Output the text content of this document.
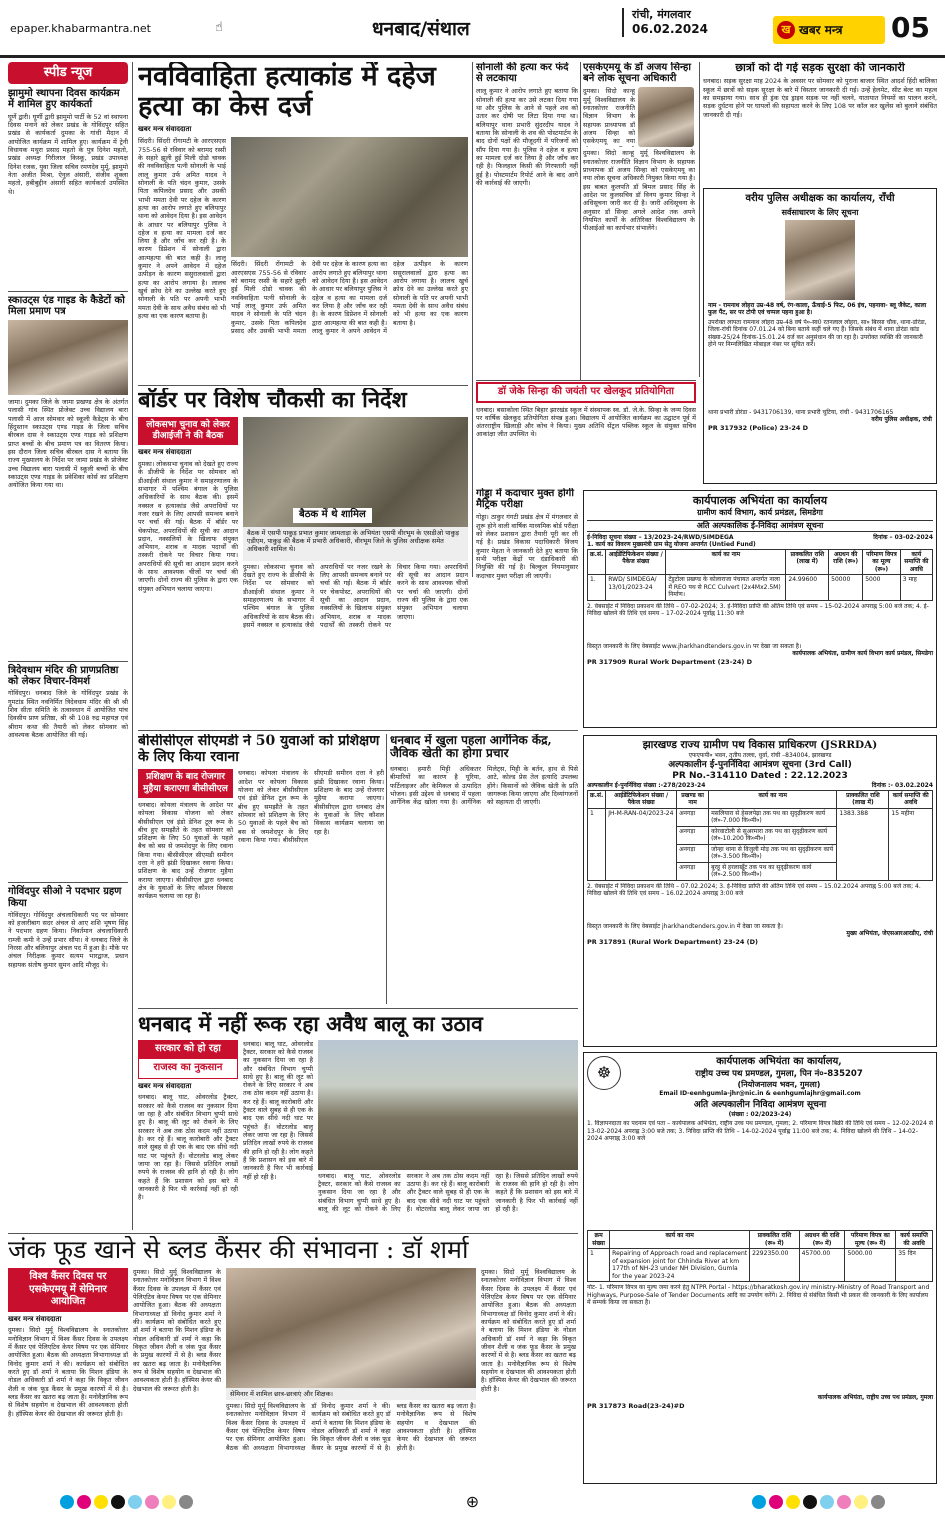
epaper.khabarmantra.net	☝	धनबाद/संथाल
रांची, मंगलवार
06.02.2024	ख खबर मन्त्र 05
स्पीड न्यूज
झामुमो स्थापना दिवस कार्यक्रम में शामिल हुए कार्यकर्ता
घूर्णे द्वारी। घूर्णी द्वारी झामुमो पार्टी के 52 वां स्थापना दिवस मनाने को लेकर प्रखंड के गोविंदपुर सहित प्रखंड से कार्यकर्ता दुमका के गांधी मैदान में आयोजित कार्यक्रम में शामिल हुए। कार्यक्रम में ट्रेनी विधायक मथुरा प्रसाद महतो के पुत्र दिनेश महतो, प्रखंड अध्यक्ष गिरीलाल किस्कू, प्रखंड उपाध्यक्ष दिनेश रजक, युवा जिला सचिव रमणदेव मुर्मू, झामुमो नेता अजीत मिश्रा, ऐनुल अंसारी, संजीव शुक्ला महतो, हबीबुद्दीन अंसारी सहित कार्यकर्ता उपस्थित थे।
स्काउट्स एंड गाइड के कैडेटों को मिला प्रमाण पत्र
जामा। दुमका जिले के जामा प्रखण्ड क्षेत्र के अंतर्गत पलासी गांव स्थित प्रोजेक्ट उच्च विद्यालय बारा पलासी में आज सोमवार को स्कूली कैडेट्स के बीच हिंदुस्तान स्काउट्स एण्ड गाइड के जिला सचिव बीरबल दास ने स्काउट्स एण्ड गाइड को प्रशिक्षण प्राप्त बच्चों के बीच प्रमाण पत्र का वितरण किया। इस दौरान जिला सचिव बीरबल दास ने बताया कि राज्य मुख्यालय के निर्देश पर जामा प्रखंड के प्रोजेक्ट उच्च विद्यालय बारा पलासी में स्कूली बच्चों के बीच स्काउट्स एण्ड गाइड के प्रवेशिका कोर्स का प्रशिक्षण अयोजित किया गया था।
त्रिदेवधाम मंदिर की प्राणप्रतिष्ठा को लेकर विचार-विमर्श
गोविंदपुर। धनबाद जिले के गोविंदपुर प्रखंड के गुमटांड स्थित नवनिर्मित त्रिदेवधाम मंदिर की श्री श्री शिव सीता समिति के तत्वावधान में आयोजित पांच दिवसीय प्राण प्रतिष्ठा, श्री श्री 108 रुद्र महायज्ञ एवं श्रीराम कथा की तैयारी को लेकर सोमवार को आवश्यक बैठक आयोजित की गई।
गोविंदपुर सीओ ने पदभार ग्रहण किया
गोविंदपुर। गोविंदपुर अंचलाधिकारी पद पर सोमवार को हजारीबाग सदर अंचल से आए शशि भूषण सिंह ने पदभार ग्रहण किया। निवर्तमान अंचलाधिकारी राम्जी कमी ने उन्हें प्रभार सौंपा। वे धनबाद जिले के निरसा और बलियापुर अंचल पद में हुआ है। मौके पर अंचल निरीक्षक कुमार सत्यम भारद्वाज, प्रधान सहायक संतोष कुमार सुमन आदि मौजूद थे।
नवविवाहिता हत्याकांड में दहेज हत्या का केस दर्ज
खबर मन्त्र संवाददाता
सिंदरी। सिंदरी रोंगामटी के आरएसएस 755-56 से रविवार को बरामद रस्सी के सहारे झूली हुई मिली दोडो चावक की नवविवाहिता पत्नी सोनाली के भाई लालू कुमार उर्फ अमित यादव ने सोनाली के पति चंदन कुमार, उसके पिता कपिलदेव प्रसाद और उसकी भाभी ममता देवी पर दहेज के कारण हत्या का आरोप लगाते हुए बलियापुर थाना को आवेदन दिया है। इस आवेदन के आधार पर बलियापुर पुलिस ने दहेज व हत्या का मामला दर्ज कर लिया है और जाँच कर रही है। के कारण डिप्रेशन में सोनाली द्वारा आत्महत्या की बात कही है। लालू कुमार ने अपने आवेदन में दहेज उत्पीड़न के कारण ससुरालवालों द्वारा हत्या का आरोप लगाया है। लालच खुर्च क्रोध देने का उल्लेख करते हुए सोनाली के पति पर अपनी भाभी ममता देवी के साथ अवैध संबंध को भी हत्या का एक कारण बताया है।
सिंदरी। सिंदरी रोंगामटी के आरएसएस 755-56 से रविवार को बरामद रस्सी के सहारे झूली हुई मिली दोडो चावक की नवविवाहिता पत्नी सोनाली के भाई लालू कुमार उर्फ अमित यादव ने सोनाली के पति चंदन कुमार, उसके पिता कपिलदेव प्रसाद और उसकी भाभी ममता देवी पर दहेज के कारण हत्या का आरोप लगाते हुए बलियापुर थाना को आवेदन दिया है। इस आवेदन के आधार पर बलियापुर पुलिस ने दहेज व हत्या का मामला दर्ज कर लिया है और जाँच कर रही है। के कारण डिप्रेशन में सोनाली द्वारा आत्महत्या की बात कही है। लालू कुमार ने अपने आवेदन में दहेज उत्पीड़न के कारण ससुरालवालों द्वारा हत्या का आरोप लगाया है। लालच खुर्च क्रोध देने का उल्लेख करते हुए सोनाली के पति पर अपनी भाभी ममता देवी के साथ अवैध संबंध को भी हत्या का एक कारण बताया है।
सोनाली की हत्या कर फंदे से लटकाया
लालू कुमार ने आरोप लगाते हुए बताया कि सोनाली की हत्या कर उसे लटका दिया गया था और पुलिस के आने से पहले शव को उतार कर दोषी पर लिटा दिया गया था। बलियापुर थाना प्रभारी सुंदरदीप यादव ने बताया कि सोनाली के शव की पोस्टमार्टम के बाद दोनों पक्षों की मौजूदगी में परिजनों को सौंप दिया गया है। पुलिस ने दहेज व हत्या का मामला दर्ज कर लिया है और जाँच कर रही है। फिलहाल किसी की गिरफ्तारी नहीं हुई है। पोस्टमार्टम रिपोर्ट आने के बाद आगे की कार्रवाई की जाएगी।
एसकेएमयू के डॉ अजय सिन्हा बने लोक सूचना अधिकारी
दुमका। सिदो कान्हू मुर्मू विश्वविद्यालय के स्नातकोत्तर राजनीति विज्ञान विभाग के सहायक प्राध्यापक डॉ अजय सिन्हा को एसकेएमयू का नया
दुमका। सिदो कान्हू मुर्मू विश्वविद्यालय के स्नातकोत्तर राजनीति विज्ञान विभाग के सहायक प्राध्यापक डॉ अजय सिन्हा को एसकेएमयू का नया लोक सूचना अधिकारी नियुक्त किया गया है। इस बाबत कुलपति डॉ बिमल प्रसाद सिंह के आदेश पर कुलसचिव डॉ विनय कुमार सिन्हा ने अधिसूचना जारी कर दी है। जारी अधिसूचना के अनुसार डॉ सिन्हा अगले आदेश तक अपने नियमित कार्यों के अतिरिक्त विश्वविद्यालय के पीआईओ का कार्यभार संभालेंगे।
छात्रों को दी गई सड़क सुरक्षा की जानकारी
धनबाद। सड़क सुरक्षा माह 2024 के अवसर पर सोमवार को पुराना बाजार स्थित आदर्श हिंदी बालिका स्कूल में छात्रों को सड़क सुरक्षा के बारे में विस्तार जानकारी दी गई। उन्हें हेलमेट, सीट बेल्ट का महत्व का समझाया गया। साथ ही ड्रंक एंड ड्राइव सड़क पर नहीं चलने, यातायात नियमों का पालन करने, सड़क दुर्घटना होने पर घायलों की सहायता करने के लिए 108 पर कॉल कर खुलेंस को बुलाने संबंधित जानकारी दी गई।
वरीय पुलिस अधीक्षक का कार्यालय, राँची
सर्वसाधारण के लिए सूचना
नाम - रामनाथ लोहरा उम्र-48 वर्ष, रंग-काला, ऊँचाई-5 फिट, 06 इंच, पहनावा- ब्लू जैकेट, काला फुल पैंट, सर पर टोपी एवं चप्पल पहना हुआ है।
उपरोक्त लापता रामनाथ लोहरा उम्र-48 वर्ष पे०-स्व0 रतनलाल लोहरा, सा० बिरसा चौक, थाना-डोरंडा, जिला-रांची दिनांक 07.01.24 को बिना बताये कहीं चले गए हैं। जिसके संबंध में थाना डोरंडा कांड संख्या-25/24 दिनांक-15.01.24 दर्ज कर अनुसंधान की जा रहा है। उपरोक्त व्यक्ति की जानकारी होने पर निम्नलिखित मोबाइल नंबर पर सूचित करें।
थाना प्रभारी डोरंडा - 9431706139, थाना प्रभारी चुटिया, रांची - 9431706165
वरीय पुलिस अधीक्षक, रांची
PR 317932 (Police) 23-24 D
डॉ जेके सिन्हा की जयंती पर खेलकूद प्रतियोगिता
धनबाद। बसाकोला स्थित बिहार झारखंड स्कूल में संस्थापक स्व. डॉ. जे.के. सिन्हा के जन्म दिवस पर वार्षिक खेलकूद प्रतियोगिता संपन्न हुआ। विद्यालय में आयोजित कार्यक्रम का उद्घाटन पूर्व में अंतरराष्ट्रीय खिलाड़ी और कोच ने किया। मुख्य अतिथि सेंट्रल पब्लिक स्कूल के संयुक्त सचिव आकांक्षा जीत उपस्थित थे।
बॉर्डर पर विशेष चौकसी का निर्देश
लोकसभा चुनाव को लेकर डीआईजी ने की बैठक
खबर मन्त्र संवाददाता
दुमका। लोकसभा चुनाव को देखते हुए राज्य के डीजीपी के निर्देश पर सोमवार को डीआईजी संथाल कुमार ने समाहरणालय के सभागार में पश्चिम बंगाल के पुलिस अधिकारियों के साथ बैठक की। इसमें नक्सल व हत्याकांड जैसे अपराधियों पर नजर रखने के लिए आपसी समन्वय बनाने पर चर्चा की गई। बैठक में बॉर्डर पर चेकपोस्ट, अपराधियों की सूची का आदान प्रदान, नक्सलियों के खिलाफ संयुक्त अभियान, शराब व मादक पदार्थों की तस्करी रोकने पर विचार किया गया। अपराधियों की सूची का आदान प्रदान करने के साथ आवश्यक चीजों पर चर्चा की जाएगी। दोनों राज्य की पुलिस के द्वारा एक संयुक्त अभियान चलाया जाएगा।
बैठक में थे शामिल
बैठक में एसपी पाकुड़ प्रभात कुमार जामताड़ा के अभियंता एसपी वीरभूम के एसडीओ पाकुड़ एडीएम, पाकुड़ की बैठक में प्रभारी अधिकारी, वीरभूम जिले के पुलिस अधीक्षक समेत अधिकारी शामिल थे।
दुमका। लोकसभा चुनाव को देखते हुए राज्य के डीजीपी के निर्देश पर सोमवार को डीआईजी संथाल कुमार ने समाहरणालय के सभागार में पश्चिम बंगाल के पुलिस अधिकारियों के साथ बैठक की। इसमें नक्सल व हत्याकांड जैसे अपराधियों पर नजर रखने के लिए आपसी समन्वय बनाने पर चर्चा की गई। बैठक में बॉर्डर पर चेकपोस्ट, अपराधियों की सूची का आदान प्रदान, नक्सलियों के खिलाफ संयुक्त अभियान, शराब व मादक पदार्थों की तस्करी रोकने पर विचार किया गया। अपराधियों की सूची का आदान प्रदान करने के साथ आवश्यक चीजों पर चर्चा की जाएगी। दोनों राज्य की पुलिस के द्वारा एक संयुक्त अभियान चलाया जाएगा।
गोड्डा में कदाचार मुक्त होगी मैट्रिक परीक्षा
गोड्डा। ठाकुर गंगटी प्रखंड क्षेत्र में मंगलवार से शुरू होने वाली वार्षिक माध्यमिक बोर्ड परीक्षा को लेकर प्रशासन द्वारा तैयारी पूरी कर ली गई है। प्रखंड विकास पदाधिकारी विजय कुमार मेहता ने जानकारी देते हुए बताया कि सभी परीक्षा केंद्रों पर दंडाधिकारी की नियुक्ति की गई है। बिल्कुल नियमानुसार कदाचार मुक्त परीक्षा ली जाएगी।
कार्यपालक अभियंता का कार्यालय
ग्रामीण कार्य विभाग, कार्य प्रमंडल, सिमडेगा
अति अल्पकालिक ई-निविदा आमंत्रण सूचना
ई-निविदा सूचना संख्या – 13/2023-24/RWD/SIMDEGA	दिनांक – 03-02-2024
1. कार्य का विवरण मुख्यमंत्री ग्राम सेतु योजना अन्तर्गत (Untied Fund)
क्र.सं.	आईडेंटिफिकेशन संख्या / पैकेज संख्या	कार्य का नाम	प्राक्कलित राशि (लाख में)	अग्रधन की राशि (रू०)	परिमाण विपत्र का मूल्य (रू०)	कार्य समाप्ति की अवधि
1.	RWD/ SIMDEGA/ 13/01/2023-24	टेंडुटोला प्रखण्ड के कोलाराजा पंचायत अन्तर्गत नाला में REO पथ से RCC Culvert (2x4Mx2.5M) निर्माण।	24.99600	50000	5000	3 माह
2. वेबसाईट में निविदा प्रकाशन की तिथि – 07-02-2024; 3. ई-निविदा प्राप्ति की अंतिम तिथि एवं समय – 15-02-2024 अपराह्न 5:00 बजे तक; 4. ई-निविदा खोलने की तिथि एवं समय – 17-02-2024 पूर्वाह्न 11:30 बजे
विस्तृत जानकारी के लिए वेबसाईट www.jharkhandtenders.gov.in पर देखा जा सकता है।
कार्यपालक अभियंता, ग्रामीण कार्य विभाग कार्य प्रमंडल, सिमडेगा
PR 317909 Rural Work Department (23-24) D
बीसीसीएल सीएमडी ने 50 युवाओं को प्रशिक्षण के लिए किया रवाना
प्रशिक्षण के बाद रोजगार मुहैया कराएगा बीसीसीएल
धनबाद। कोयला मंत्रालय के आदेश पर कोयला विकास योजना को लेकर बीसीसीएल एवं इंडो डेनिश टूल रूम के बीच हुए समझौते के तहत सोमवार को प्रशिक्षण के लिए 50 युवाओं के पहले बैच को बस से जमशेदपुर के लिए रवाना किया गया। बीसीसीएल सीएमडी समीरन दत्ता ने हरी झंडी दिखाकर रवाना किया। प्रशिक्षण के बाद उन्हें रोजगार मुहैया कराया जाएगा। बीसीसीएल द्वारा धनबाद क्षेत्र के युवाओं के लिए कौशल विकास कार्यक्रम चलाया जा रहा है।
धनबाद। कोयला मंत्रालय के आदेश पर कोयला विकास योजना को लेकर बीसीसीएल एवं इंडो डेनिश टूल रूम के बीच हुए समझौते के तहत सोमवार को प्रशिक्षण के लिए 50 युवाओं के पहले बैच को बस से जमशेदपुर के लिए रवाना किया गया। बीसीसीएल सीएमडी समीरन दत्ता ने हरी झंडी दिखाकर रवाना किया। प्रशिक्षण के बाद उन्हें रोजगार मुहैया कराया जाएगा। बीसीसीएल द्वारा धनबाद क्षेत्र के युवाओं के लिए कौशल विकास कार्यक्रम चलाया जा रहा है।
धनबाद में खुला पहला आर्गेनिक केंद्र, जैविक खेती का होगा प्रचार
धनबाद। हमारी मिट्टी अधिकतर बीमारियों का कारण है यूरिया, फर्टिलाइजर और केमिकल से उत्पादित भोजन। इसी उद्देश्य से धनबाद में पहला आर्गेनिक केंद्र खोला गया है। आर्गेनिक मिलेट्स, मिट्टी के बर्तन, हाथ से पिसे आटे, कोल्ड प्रेस तेल इत्यादि उपलब्ध होंगे। किसानों को जैविक खेती के प्रति जागरूक किया जाएगा और दिव्यांगजनों को सहायता दी जाएगी।
झारखण्ड राज्य ग्रामीण पथ विकास प्राधिकरण (JSRRDA)
एफएफपी० भवन, तृतीय तल्ला, धुर्वा, रांची –834004, झारखण्ड
अल्पकालीन ई-पुनर्निविदा आमंत्रण सूचना (3rd Call)
PR No.-314110 Dated : 22.12.2023
अल्पकालीन ई-पुनर्निविदा संख्या :-278/2023-24	दिनांक :- 03.02.2024
क्र.सं.	आईडेंटिफिकेशन संख्या / पैकेज संख्या	प्रखण्ड का नाम	कार्य का नाम	प्राक्कलित राशि (लाख में)	कार्य समाप्ति की अवधि
1	JH-M-RAN-04/2023-24	अनगड़ा	मसलियारा से हेसलपेढ़ा तक पथ का सुदृढ़ीकरण कार्य (लं०-7.000 कि०मी०)	1383.388	15 महीना
		अनगड़ा	कोरवाटोली से सुअरमारा तक पथ का सुदृढ़ीकरण कार्य (लं०-10.200 कि०मी०)		
		अनगड़ा	जोन्हा थाना से विजुली मोड़ तक पथ का सुदृढ़ीकरण कार्य (लं०-3.500 कि०मी०)		
		अनगड़ा	बुरहू से हरलाखूँट तक पथ का सुदृढ़ीकरण कार्य (लं०-2.500 कि०मी०)		
2. वेबसाईट में निविदा प्रकाशन की तिथि – 07.02.2024; 3. ई-निविदा प्राप्ति की अंतिम तिथि एवं समय – 15.02.2024 अपराह्न 5:00 बजे तक; 4. निविदा खोलने की तिथि एवं समय – 16.02.2024 अपराह्न 3:00 बजे
विस्तृत जानकारी के लिए वेबसाईट jharkhandtenders.gov.in में देखा जा सकता है।
मुख्य अभियंता, जेएसआरआरडीए, रांची
PR 317891 (Rural Work Department) 23-24 (D)
धनबाद में नहीं रूक रहा अवैध बालू का उठाव
सरकार को हो रहा
राजस्व का नुकसान
खबर मन्त्र संवाददाता
धनबाद। बालू घाट, ओवरलोड ट्रैक्टर, सरकार को कैसे राजस्व का नुकसान दिया जा रहा है और संबंधित विभाग चुप्पी साधे हुए है। बालू की लूट को रोकने के लिए सरकार ने अब तक ठोस कदम नहीं उठाया है। कर रहे हैं। बालू कारोबारी और ट्रैक्टर वाले सुबह से ही एक के बाद एक सीधे नदी घाट पर पहुंचते हैं। वोटरलोड बालू लेकर जाया जा रहा है। जिससे प्रतिदिन लाखों रुपये के राजस्व की हानि हो रही है। लोग कहते हैं कि प्रशासन को इस बारे में जानकारी है फिर भी कार्रवाई नहीं हो रही है।
धनबाद। बालू घाट, ओवरलोड ट्रैक्टर, सरकार को कैसे राजस्व का नुकसान दिया जा रहा है और संबंधित विभाग चुप्पी साधे हुए है। बालू की लूट को रोकने के लिए सरकार ने अब तक ठोस कदम नहीं उठाया है। कर रहे हैं। बालू कारोबारी और ट्रैक्टर वाले सुबह से ही एक के बाद एक सीधे नदी घाट पर पहुंचते हैं। वोटरलोड बालू लेकर जाया जा रहा है। जिससे प्रतिदिन लाखों रुपये के राजस्व की हानि हो रही है। लोग कहते हैं कि प्रशासन को इस बारे में जानकारी है फिर भी कार्रवाई नहीं हो रही है।	धनबाद। बालू घाट, ओवरलोड ट्रैक्टर, सरकार को कैसे राजस्व का नुकसान दिया जा रहा है और संबंधित विभाग चुप्पी साधे हुए है। बालू की लूट को रोकने के लिए सरकार ने अब तक ठोस कदम नहीं उठाया है। कर रहे हैं। बालू कारोबारी और ट्रैक्टर वाले सुबह से ही एक के बाद एक सीधे नदी घाट पर पहुंचते हैं। वोटरलोड बालू लेकर जाया जा रहा है। जिससे प्रतिदिन लाखों रुपये के राजस्व की हानि हो रही है। लोग कहते हैं कि प्रशासन को इस बारे में जानकारी है फिर भी कार्रवाई नहीं हो रही है।
☸
कार्यपालक अभियंता का कार्यालय,
राष्ट्रीय उच्च पथ प्रमण्डल, गुमला, पिन नं०-835207
(नियोजनालय भवन, गुमला)
Email ID-eenhgumla-jhr@nic.in & eenhgumlajhr@gmail.com
अति अल्पकालीन निविदा आमंत्रण सूचना
(संख्या : 02/2023-24)
1. विज्ञापनदाता का पदनाम एवं पता – कार्यपालक अभियंता, राष्ट्रीय उच्च पथ प्रमण्डल, गुमला; 2. परिमाण विपत्र बिक्री की तिथि एवं समय – 12-02-2024 से 13-02-2024 अपराह्न 3:00 बजे तक; 3. निविदा प्राप्ति की तिथि – 14-02-2024 पूर्वाह्न 11:00 बजे तक; 4. निविदा खोलने की तिथि – 14-02-2024 अपराह्न 3:00 बजे
क्रम संख्या	कार्य का नाम	प्राक्कलित राशि (रू० में)	अग्रधन की राशि (रू० में)	परिमाण विपत्र का मूल्य (रू० में)	कार्य समाप्ति की अवधि
1	Repairing of Approach road and replacement of expansion joint for Chhinda River at km 177th of NH-23 under NH Division, Gumla for the year 2023-24	2292350.00	45700.00	5000.00	35 दिन
नोट- 1. परिमाण विपत्र का मूल्य जमा करने हेतु NTPR Portal - https://bharatkosh.gov.in/ ministry-Ministry of Road Transport and Highways, Purpose-Sale of Tender Documents आदि का उपयोग करेंगे। 2. निविदा से संबंधित किसी भी प्रकार की जानकारी के लिए कार्यालय में सम्पर्क किया जा सकता है।
कार्यपालक अभियंता, राष्ट्रीय उच्च पथ प्रमंडल, गुमला
PR 317873 Road(23-24)#D
जंक फूड खाने से ब्लड कैंसर की संभावना : डॉ शर्मा
विश्व कैंसर दिवस पर एसकेएमयू में सेमिनार आयोजित
खबर मन्त्र संवाददाता
दुमका। सिदो मुर्मू विश्वविद्यालय के स्नातकोत्तर मनोविज्ञान विभाग में विश्व कैंसर दिवस के उपलक्ष्य में कैंसर एवं पेलिएटिव केयर विषय पर एक सेमिनार आयोजित हुआ। बैठक की अध्यक्षता विभागाध्यक्ष डॉ विनोद कुमार शर्मा ने की। कार्यक्रम को संबोधित करते हुए डॉ शर्मा ने बताया कि मिशन इंडिया के नोडल अधिकारी डॉ शर्मा ने कहा कि विकृत जीवन शैली व जंक फूड कैंसर के प्रमुख कारणों में से है। ब्लड कैंसर का खतरा बढ़ जाता है। मनोवैज्ञानिक रूप से विशेष सहयोग व देखभाल की आवश्यकता होती है। हॉस्पिस केयर की देखभाल की जरूरत होती है।
दुमका। सिदो मुर्मू विश्वविद्यालय के स्नातकोत्तर मनोविज्ञान विभाग में विश्व कैंसर दिवस के उपलक्ष्य में कैंसर एवं पेलिएटिव केयर विषय पर एक सेमिनार आयोजित हुआ। बैठक की अध्यक्षता विभागाध्यक्ष डॉ विनोद कुमार शर्मा ने की। कार्यक्रम को संबोधित करते हुए डॉ शर्मा ने बताया कि मिशन इंडिया के नोडल अधिकारी डॉ शर्मा ने कहा कि विकृत जीवन शैली व जंक फूड कैंसर के प्रमुख कारणों में से है। ब्लड कैंसर का खतरा बढ़ जाता है। मनोवैज्ञानिक रूप से विशेष सहयोग व देखभाल की आवश्यकता होती है। हॉस्पिस केयर की देखभाल की जरूरत होती है।
सेमिनार में शामिल छात्र-छात्राएं और शिक्षक।
दुमका। सिदो मुर्मू विश्वविद्यालय के स्नातकोत्तर मनोविज्ञान विभाग में विश्व कैंसर दिवस के उपलक्ष्य में कैंसर एवं पेलिएटिव केयर विषय पर एक सेमिनार आयोजित हुआ। बैठक की अध्यक्षता विभागाध्यक्ष डॉ विनोद कुमार शर्मा ने की। कार्यक्रम को संबोधित करते हुए डॉ शर्मा ने बताया कि मिशन इंडिया के नोडल अधिकारी डॉ शर्मा ने कहा कि विकृत जीवन शैली व जंक फूड कैंसर के प्रमुख कारणों में से है। ब्लड कैंसर का खतरा बढ़ जाता है। मनोवैज्ञानिक रूप से विशेष सहयोग व देखभाल की आवश्यकता होती है। हॉस्पिस केयर की देखभाल की जरूरत होती है।
दुमका। सिदो मुर्मू विश्वविद्यालय के स्नातकोत्तर मनोविज्ञान विभाग में विश्व कैंसर दिवस के उपलक्ष्य में कैंसर एवं पेलिएटिव केयर विषय पर एक सेमिनार आयोजित हुआ। बैठक की अध्यक्षता विभागाध्यक्ष डॉ विनोद कुमार शर्मा ने की। कार्यक्रम को संबोधित करते हुए डॉ शर्मा ने बताया कि मिशन इंडिया के नोडल अधिकारी डॉ शर्मा ने कहा कि विकृत जीवन शैली व जंक फूड कैंसर के प्रमुख कारणों में से है। ब्लड कैंसर का खतरा बढ़ जाता है। मनोवैज्ञानिक रूप से विशेष सहयोग व देखभाल की आवश्यकता होती है। हॉस्पिस केयर की देखभाल की जरूरत होती है।
⊕
